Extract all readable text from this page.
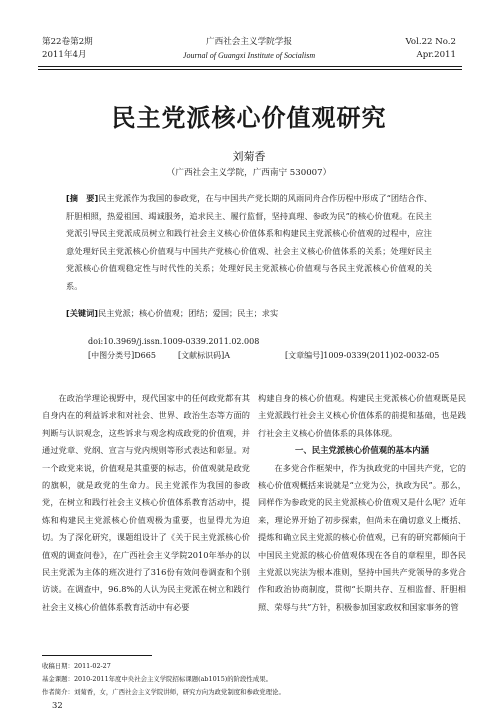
第22卷第2期
2011年4月
广西社会主义学院学报
Journal of Guangxi Institute of Socialism
Vol.22 No.2
Apr.2011
民主党派核心价值观研究
刘菊香
（广西社会主义学院，广西南宁 530007）
[摘　要]民主党派作为我国的参政党，在与中国共产党长期的风雨同舟合作历程中形成了“团结合作、肝胆相照，热爱祖国、竭诚服务，追求民主、履行监督，坚持真理、参政为民”的核心价值观。在民主党派引导民主党派成员树立和践行社会主义核心价值体系和构建民主党派核心价值观的过程中，应注意处理好民主党派核心价值观与中国共产党核心价值观、社会主义核心价值体系的关系；处理好民主党派核心价值观稳定性与时代性的关系；处理好民主党派核心价值观与各民主党派核心价值观的关系。
[关键词]民主党派；核心价值观；团结；爱国；民主；求实
doi:10.3969/j.issn.1009-0339.2011.02.008
[中图分类号]D665	[文献标识码]A	[文章编号]1009-0339(2011)02-0032-05

在政治学理论视野中，现代国家中的任何政党都有其自身内在的利益诉求和对社会、世界、政治生态等方面的判断与认识观念，这些诉求与观念构成政党的价值观，并通过党章、党纲、宣言与党内规则等形式表达和彰显。对一个政党来说，价值观是其重要的标志，价值观就是政党的旗帜，就是政党的生命力。民主党派作为我国的参政党，在树立和践行社会主义核心价值体系教育活动中，提炼和构建民主党派核心价值观极为重要，也显得尤为迫切。为了深化研究，课题组设计了《关于民主党派核心价值观的调查问卷》，在广西社会主义学院2010年举办的以民主党派为主体的班次进行了316份有效问卷调查和个别访谈。在调查中，96.8%的人认为民主党派在树立和践行社会主义核心价值体系教育活动中有必要

构建自身的核心价值观。构建民主党派核心价值观既是民主党派践行社会主义核心价值体系的前提和基础，也是践行社会主义核心价值体系的具体体现。

一、民主党派核心价值观的基本内涵

在多党合作框架中，作为执政党的中国共产党，它的核心价值观概括来说就是“立党为公，执政为民”。那么，同样作为参政党的民主党派核心价值观又是什么呢？近年来，理论界开始了初步探索，但尚未在确切意义上概括、提炼和确立民主党派的核心价值观，已有的研究都倾向于中国民主党派的核心价值观体现在各自的章程里，即各民主党派以宪法为根本准则，坚持中国共产党领导的多党合作和政治协商制度，贯彻“长期共存、互相监督、肝胆相照、荣辱与共”方针，积极参加国家政权和国家事务的管

收稿日期：2011-02-27
基金课题：2010-2011年度中央社会主义学院招标课题(ab1015)的阶段性成果。
作者简介：刘菊香，女，广西社会主义学院讲师，研究方向为政党制度和参政党理论。
32
